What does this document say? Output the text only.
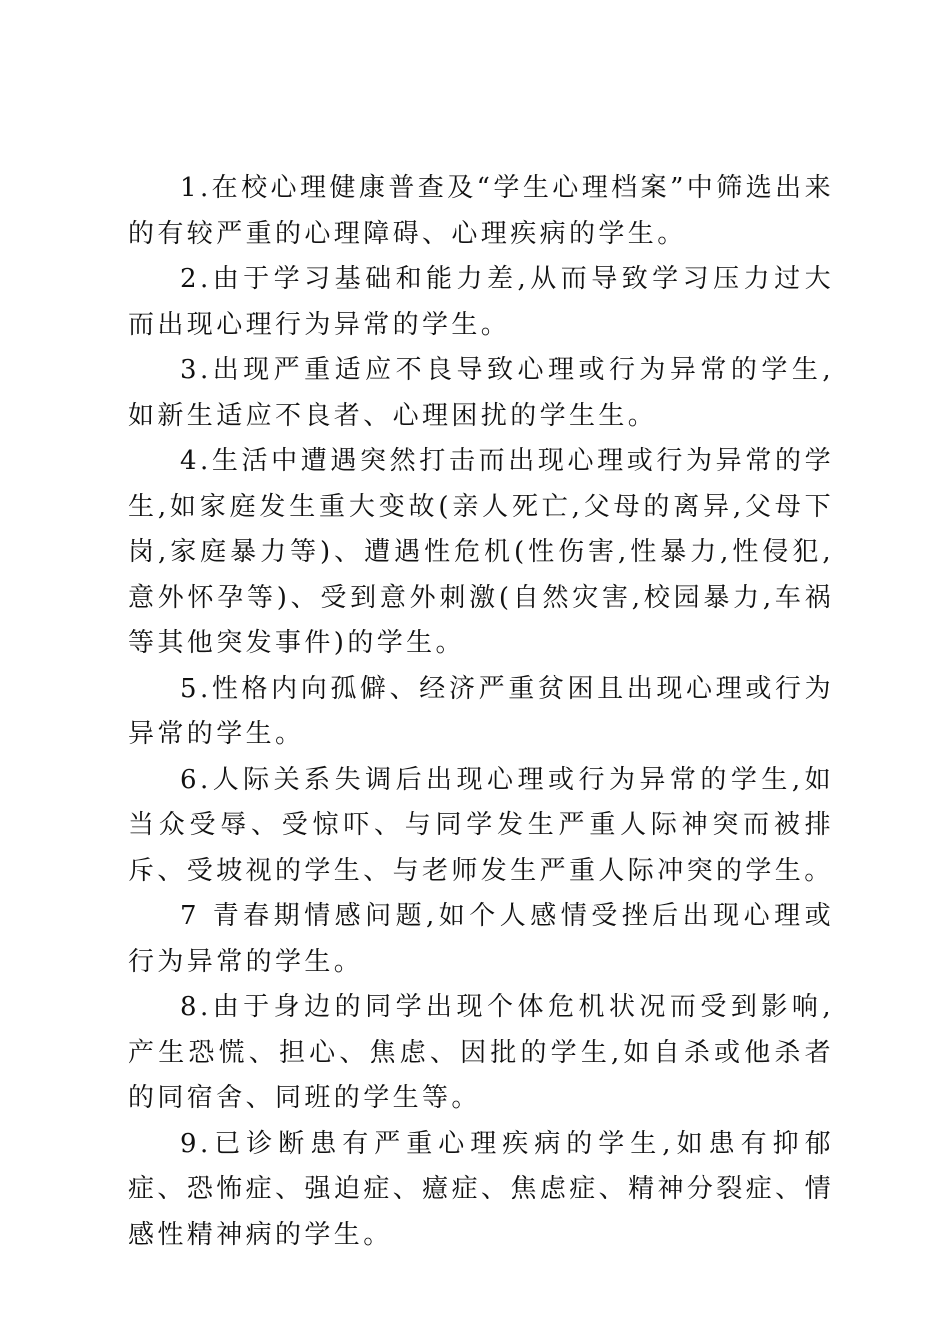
1.在校心理健康普查及“学生心理档案”中筛选出来的有较严重的心理障碍、心理疾病的学生。

2.由于学习基础和能力差,从而导致学习压力过大而出现心理行为异常的学生。

3.出现严重适应不良导致心理或行为异常的学生,如新生适应不良者、心理困扰的学生生。

4.生活中遭遇突然打击而出现心理或行为异常的学生,如家庭发生重大变故(亲人死亡,父母的离异,父母下岗,家庭暴力等)、遭遇性危机(性伤害,性暴力,性侵犯,意外怀孕等)、受到意外刺激(自然灾害,校园暴力,车祸等其他突发事件)的学生。

5.性格内向孤僻、经济严重贫困且出现心理或行为异常的学生。

6.人际关系失调后出现心理或行为异常的学生,如当众受辱、受惊吓、与同学发生严重人际神突而被排斥、受坡视的学生、与老师发生严重人际冲突的学生。

7 青春期情感问题,如个人感情受挫后出现心理或行为异常的学生。

8.由于身边的同学出现个体危机状况而受到影响,产生恐慌、担心、焦虑、因批的学生,如自杀或他杀者的同宿舍、同班的学生等。

9.已诊断患有严重心理疾病的学生,如患有抑郁症、恐怖症、强迫症、癔症、焦虑症、精神分裂症、情感性精神病的学生。
